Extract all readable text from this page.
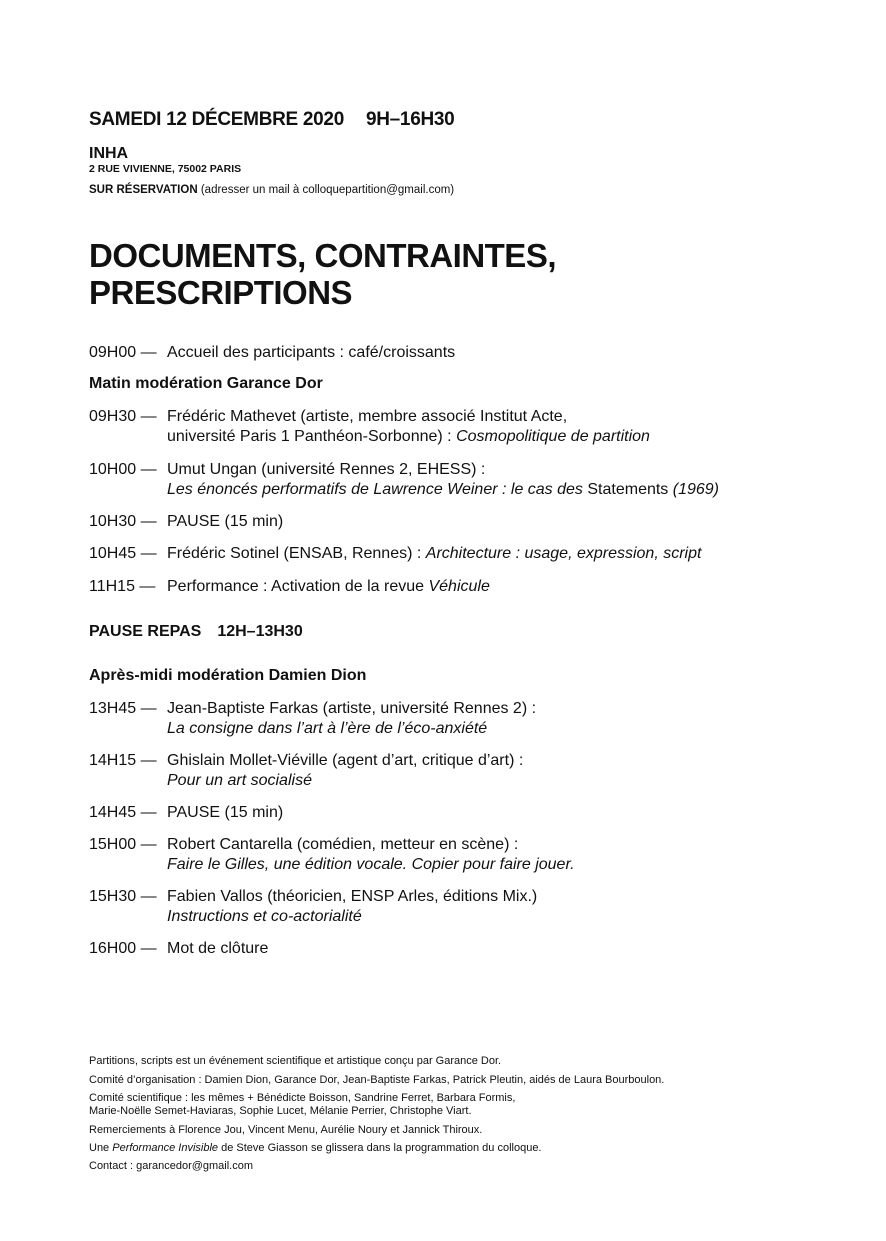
SAMEDI 12 DÉCEMBRE 2020 9H–16H30
INHA
2 RUE VIVIENNE, 75002 PARIS
SUR RÉSERVATION (adresser un mail à colloquepartition@gmail.com)
DOCUMENTS, CONTRAINTES,
PRESCRIPTIONS
09H00 — Accueil des participants : café/croissants
Matin modération Garance Dor
09H30 — Frédéric Mathevet (artiste, membre associé Institut Acte,
université Paris 1 Panthéon-Sorbonne) : Cosmopolitique de partition
10H00 — Umut Ungan (université Rennes 2, EHESS) :
Les énoncés performatifs de Lawrence Weiner : le cas des Statements (1969)
10H30 — PAUSE (15 min)
10H45 — Frédéric Sotinel (ENSAB, Rennes) : Architecture : usage, expression, script
11H15 — Performance : Activation de la revue Véhicule
PAUSE REPAS 12H–13H30
Après-midi modération Damien Dion
13H45 — Jean-Baptiste Farkas (artiste, université Rennes 2) :
La consigne dans l’art à l’ère de l’éco-anxiété
14H15 — Ghislain Mollet-Viéville (agent d’art, critique d’art) :
Pour un art socialisé
14H45 — PAUSE (15 min)
15H00 — Robert Cantarella (comédien, metteur en scène) :
Faire le Gilles, une édition vocale. Copier pour faire jouer.
15H30 — Fabien Vallos (théoricien, ENSP Arles, éditions Mix.)
Instructions et co-actorialité
16H00 — Mot de clôture
Partitions, scripts est un événement scientifique et artistique conçu par Garance Dor.
Comité d’organisation : Damien Dion, Garance Dor, Jean-Baptiste Farkas, Patrick Pleutin, aidés de Laura Bourboulon.
Comité scientifique : les mêmes + Bénédicte Boisson, Sandrine Ferret, Barbara Formis,
Marie-Noëlle Semet-Haviaras, Sophie Lucet, Mélanie Perrier, Christophe Viart.
Remerciements à Florence Jou, Vincent Menu, Aurélie Noury et Jannick Thiroux.
Une Performance Invisible de Steve Giasson se glissera dans la programmation du colloque.
Contact : garancedor@gmail.com
